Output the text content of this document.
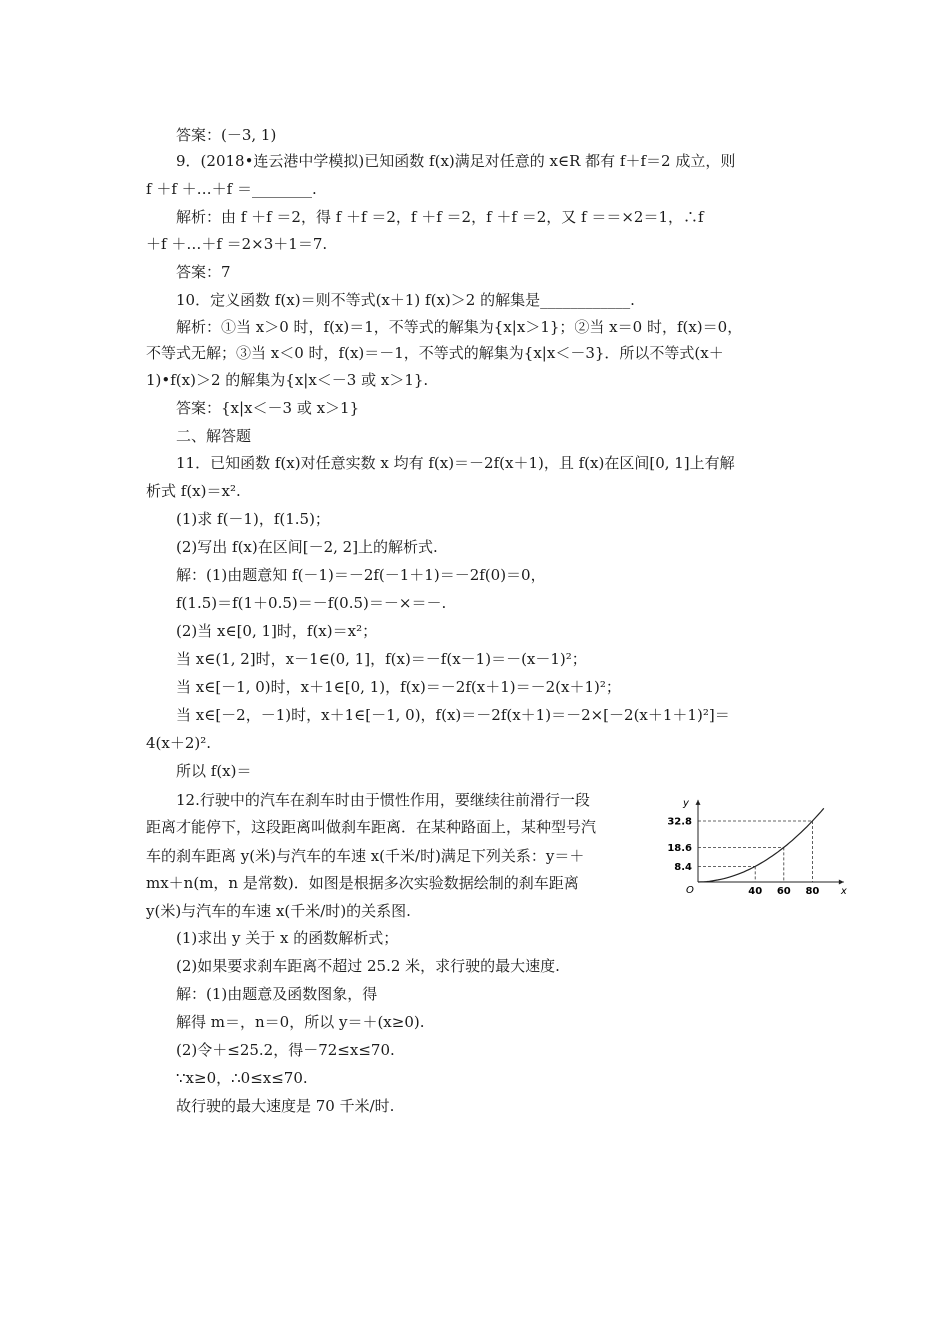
答案：(－3, 1)
9．(2018•连云港中学模拟)已知函数 f(x)满足对任意的 x∈R 都有 f＋f＝2 成立，则
f ＋f ＋…＋f ＝________.
解析：由 f ＋f ＝2，得 f ＋f ＝2，f ＋f ＝2，f ＋f ＝2，又 f ＝＝×2＝1，∴f
＋f ＋…＋f ＝2×3＋1＝7.
答案：7
10．定义函数 f(x)＝则不等式(x＋1) f(x)＞2 的解集是____________.
解析：①当 x＞0 时，f(x)＝1，不等式的解集为{x|x＞1}；②当 x＝0 时，f(x)＝0，
不等式无解；③当 x＜0 时，f(x)＝－1，不等式的解集为{x|x＜－3}．所以不等式(x＋
1)•f(x)＞2 的解集为{x|x＜－3 或 x＞1}.
答案：{x|x＜－3 或 x＞1}
二、解答题
11．已知函数 f(x)对任意实数 x 均有 f(x)＝－2f(x＋1)，且 f(x)在区间[0, 1]上有解
析式 f(x)＝x².
(1)求 f(－1)，f(1.5)；
(2)写出 f(x)在区间[－2, 2]上的解析式.
解：(1)由题意知 f(－1)＝－2f(－1＋1)＝－2f(0)＝0，
f(1.5)＝f(1＋0.5)＝－f(0.5)＝－×＝－.
(2)当 x∈[0, 1]时，f(x)＝x²；
当 x∈(1, 2]时，x－1∈(0, 1]，f(x)＝－f(x－1)＝－(x－1)²；
当 x∈[－1, 0)时，x＋1∈[0, 1)，f(x)＝－2f(x＋1)＝－2(x＋1)²；
当 x∈[－2，－1)时，x＋1∈[－1, 0)，f(x)＝－2f(x＋1)＝－2×[－2(x＋1＋1)²]＝
4(x＋2)².
所以 f(x)＝
12.行驶中的汽车在刹车时由于惯性作用，要继续往前滑行一段
距离才能停下，这段距离叫做刹车距离．在某种路面上，某种型号汽
车的刹车距离 y(米)与汽车的车速 x(千米/时)满足下列关系：y＝＋
mx＋n(m，n 是常数)．如图是根据多次实验数据绘制的刹车距离
y(米)与汽车的车速 x(千米/时)的关系图.
(1)求出 y 关于 x 的函数解析式；
(2)如果要求刹车距离不超过 25.2 米，求行驶的最大速度.
解：(1)由题意及函数图象，得
解得 m＝，n＝0，所以 y＝＋(x≥0).
(2)令＋≤25.2，得－72≤x≤70.
∵x≥0，∴0≤x≤70.
故行驶的最大速度是 70 千米/时.
x
y
O	40
8.4
60
18.6
80
32.8
